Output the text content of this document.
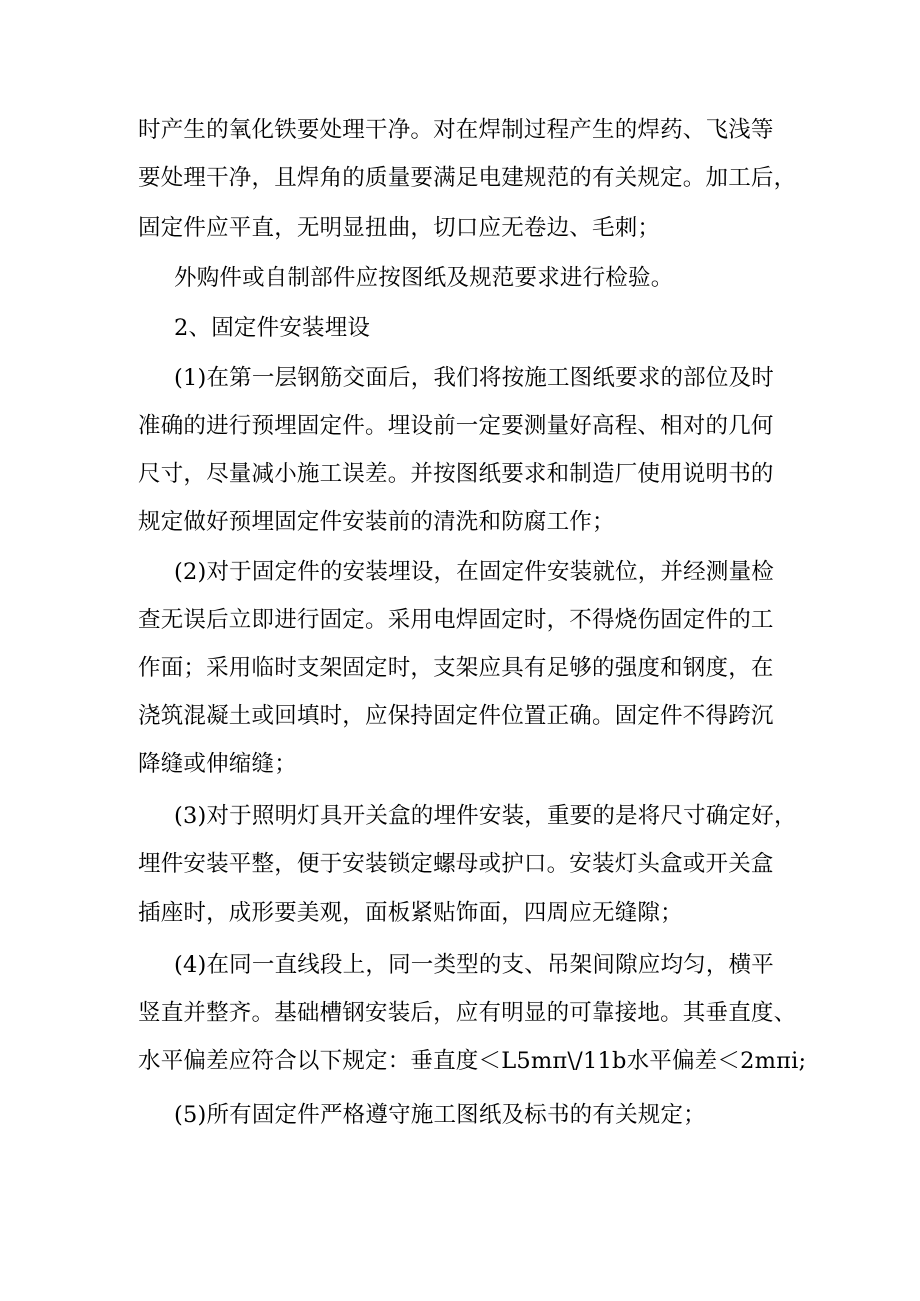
时产生的氧化铁要处理干净。对在焊制过程产生的焊药、飞浅等
要处理干净，且焊角的质量要满足电建规范的有关规定。加工后，
固定件应平直，无明显扭曲，切口应无卷边、毛刺；
外购件或自制部件应按图纸及规范要求进行检验。
2、固定件安装埋设
(1)在第一层钢筋交面后，我们将按施工图纸要求的部位及时
准确的进行预埋固定件。埋设前一定要测量好高程、相对的几何
尺寸，尽量减小施工误差。并按图纸要求和制造厂使用说明书的
规定做好预埋固定件安装前的清洗和防腐工作；
(2)对于固定件的安装埋设，在固定件安装就位，并经测量检
查无误后立即进行固定。采用电焊固定时，不得烧伤固定件的工
作面；采用临时支架固定时，支架应具有足够的强度和钢度，在
浇筑混凝土或回填时，应保持固定件位置正确。固定件不得跨沉
降缝或伸缩缝；
(3)对于照明灯具开关盒的埋件安装，重要的是将尺寸确定好，
埋件安装平整，便于安装锁定螺母或护口。安装灯头盒或开关盒
插座时，成形要美观，面板紧贴饰面，四周应无缝隙；
(4)在同一直线段上，同一类型的支、吊架间隙应均匀，横平
竖直并整齐。基础槽钢安装后，应有明显的可靠接地。其垂直度、
水平偏差应符合以下规定：垂直度＜L5mπ\/11b水平偏差＜2mπi;
(5)所有固定件严格遵守施工图纸及标书的有关规定；
